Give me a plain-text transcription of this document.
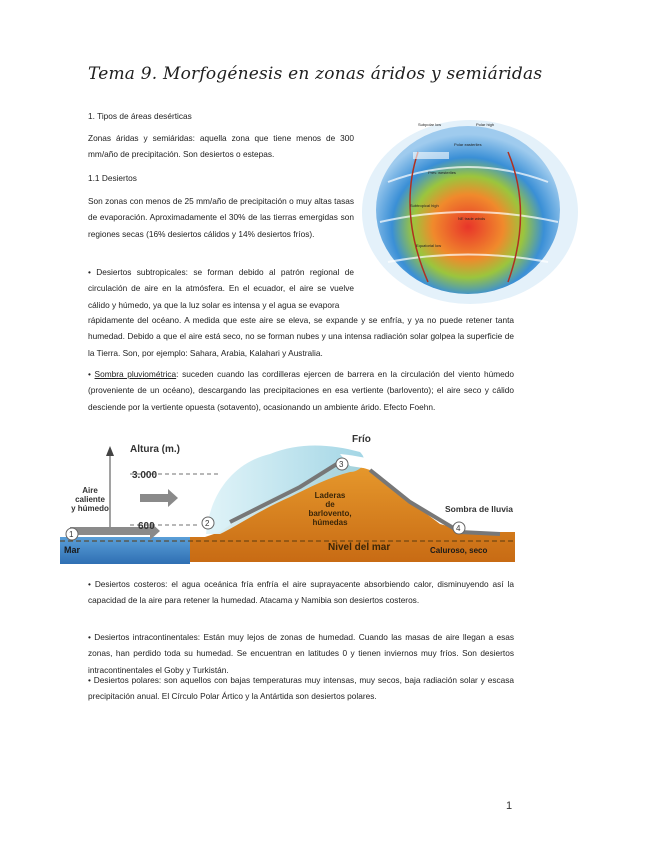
Tema 9. Morfogénesis en zonas áridos y semiáridas
Subpolar low	Polar high
Polar easterlies
Prev. westerlies
NE trade winds
Equatorial low
Subtropical high
1. Tipos de áreas desérticas
Zonas áridas y semiáridas: aquella zona que tiene menos de 300 mm/año de precipitación. Son desiertos o estepas.
1.1 Desiertos
Son zonas con menos de 25 mm/año de precipitación o muy altas tasas de evaporación. Aproximadamente el 30% de las tierras emergidas son regiones secas (16% desiertos cálidos y 14% desiertos fríos).
• Desiertos subtropicales: se forman debido al patrón regional de circulación de aire en la atmósfera. En el ecuador, el aire se vuelve cálido y húmedo, ya que la luz solar es intensa y el agua se evapora
rápidamente del océano. A medida que este aire se eleva, se expande y se enfría, y ya no puede retener tanta humedad. Debido a que el aire está seco, no se forman nubes y una intensa radiación solar golpea la superficie de la Tierra. Son, por ejemplo: Sahara, Arabia, Kalahari y Australia.
• Sombra pluviométrica: suceden cuando las cordilleras ejercen de barrera en la circulación del viento húmedo (proveniente de un océano), descargando las precipitaciones en esa vertiente (barlovento); el aire seco y cálido desciende por la vertiente opuesta (sotavento), ocasionando un ambiente árido. Efecto Foehn.
1
2
3
4
Altura (m.)
Frío
3.000
600
Aire
caliente
y húmedo
Mar	Nivel del mar
Laderas
de
barlovento,
húmedas
Sombra de lluvia
Caluroso, seco
• Desiertos costeros: el agua oceánica fría enfría el aire suprayacente absorbiendo calor, disminuyendo así la capacidad de la aire para retener la humedad. Atacama y Namibia son desiertos costeros.
• Desiertos intracontinentales: Están muy lejos de zonas de humedad. Cuando las masas de aire llegan a esas zonas, han perdido toda su humedad. Se encuentran en latitudes 0 y tienen inviernos muy fríos. Son desiertos intracontinentales el Goby y Turkistán.
• Desiertos polares: son aquellos con bajas temperaturas muy intensas, muy secos, baja radiación solar y escasa precipitación anual. El Círculo Polar Ártico y la Antártida son desiertos polares.
1
